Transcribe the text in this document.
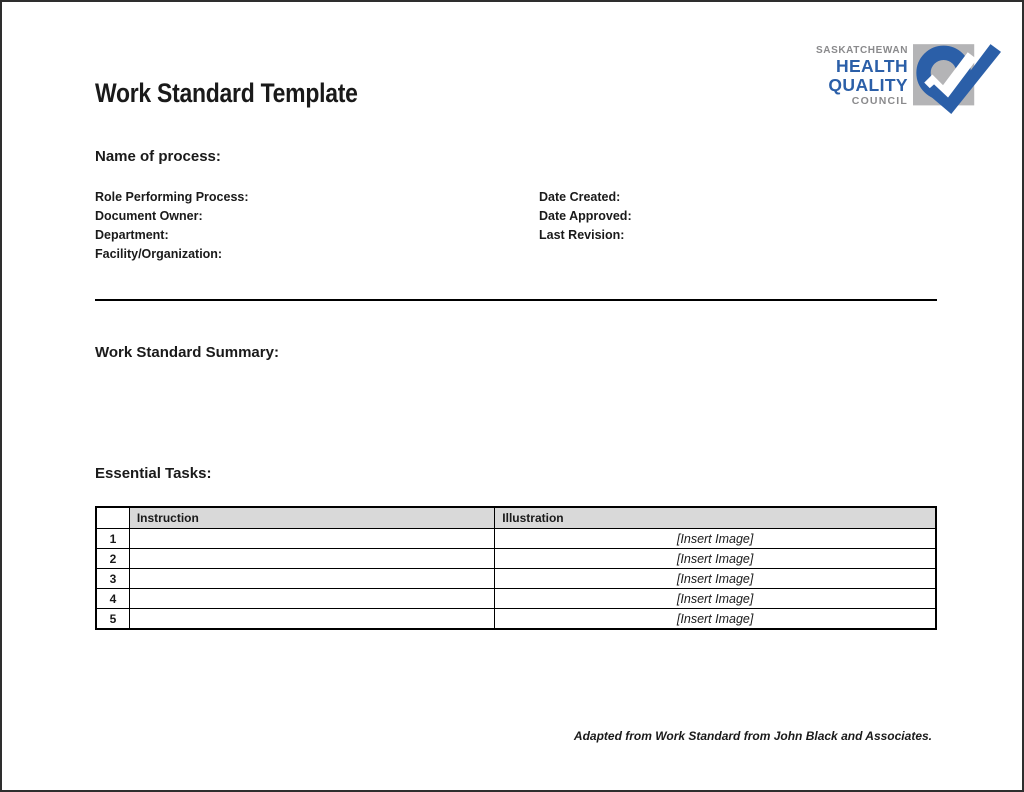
Work Standard Template
SASKATCHEWAN
HEALTH
QUALITY
COUNCIL
Name of process:
Role Performing Process:
Document Owner:
Department:
Facility/Organization:
Date Created:
Date Approved:
Last Revision:
Work Standard Summary:
Essential Tasks:
	Instruction	Illustration
1		[Insert Image]
2		[Insert Image]
3		[Insert Image]
4		[Insert Image]
5		[Insert Image]
Adapted from Work Standard from John Black and Associates.
